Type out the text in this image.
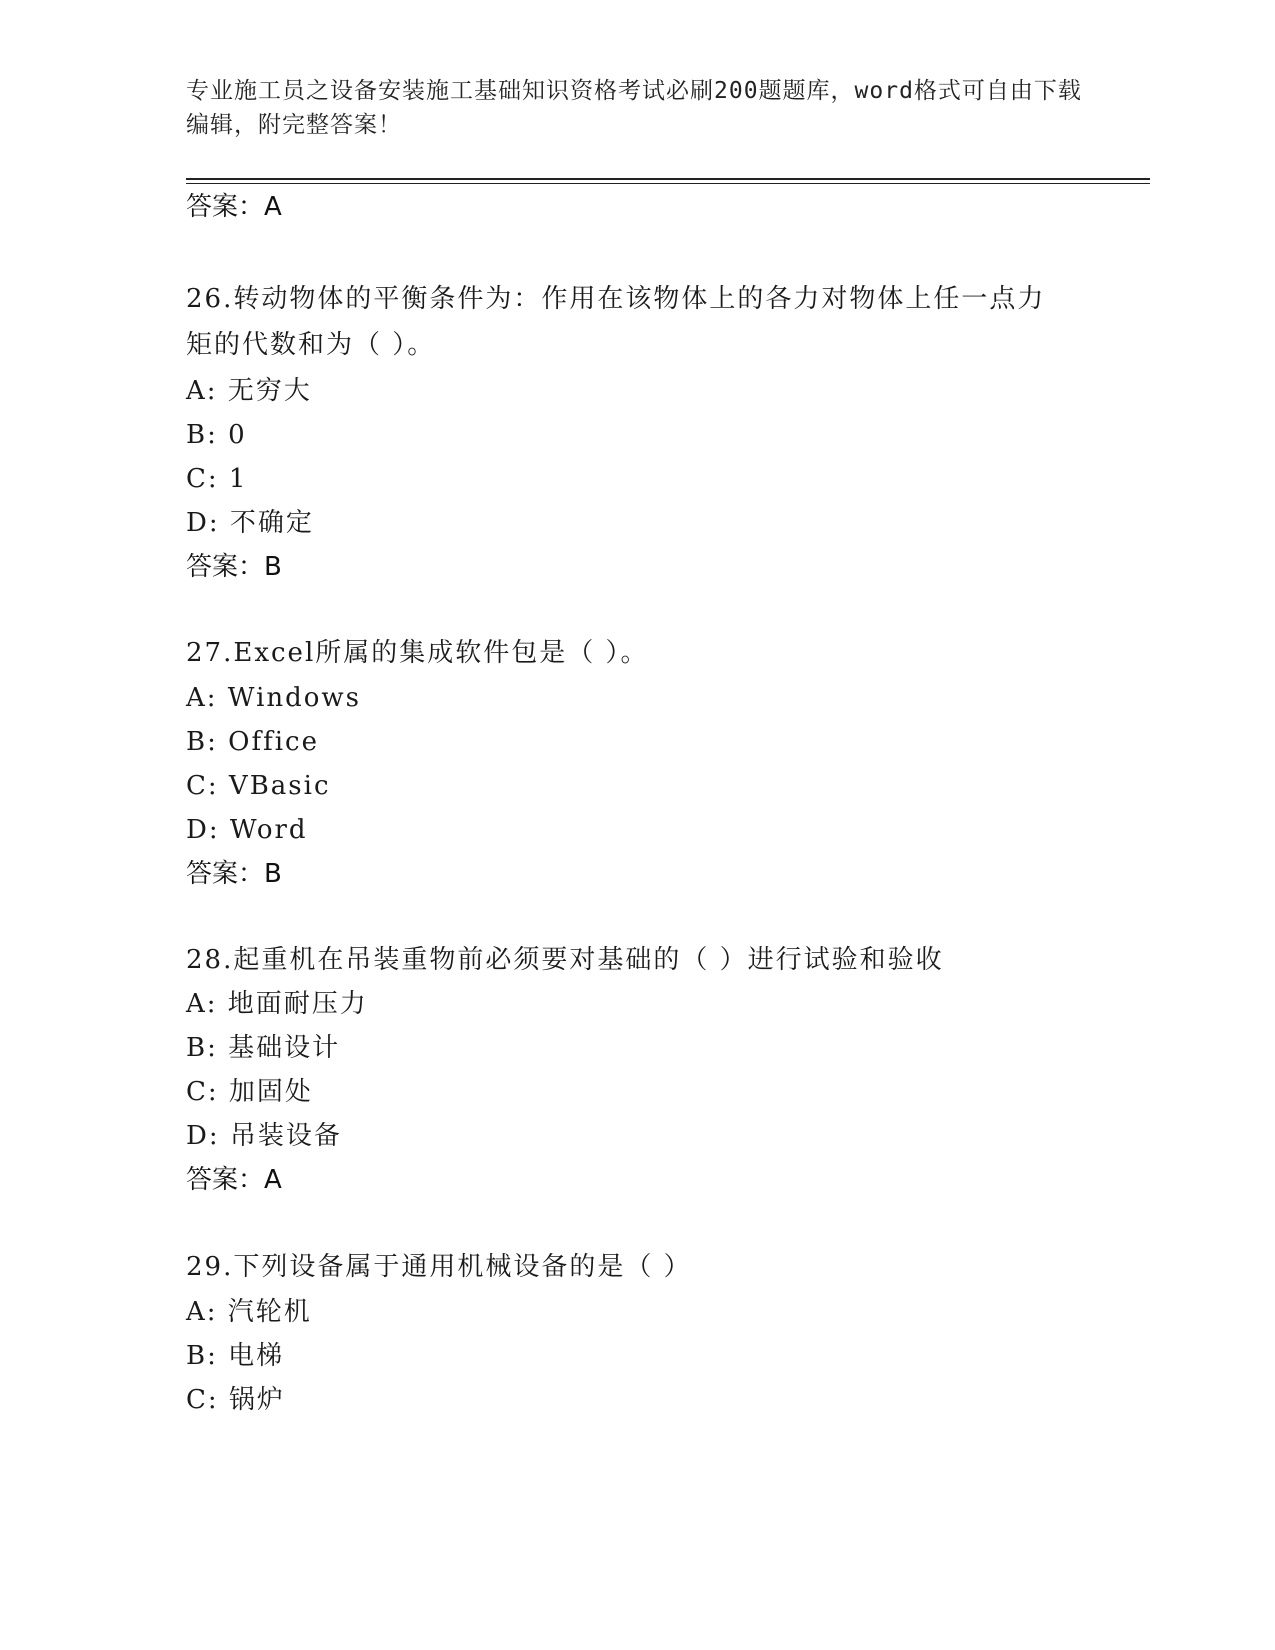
专业施工员之设备安装施工基础知识资格考试必刷200题题库，word格式可自由下载编辑，附完整答案！
答案：A
26.转动物体的平衡条件为：作用在该物体上的各力对物体上任一点力
矩的代数和为（ ）。
A: 无穷大
B: 0
C: 1
D: 不确定
答案：B
27.Excel所属的集成软件包是（ ）。
A: Windows
B: Office
C: VBasic
D: Word
答案：B
28.起重机在吊装重物前必须要对基础的（ ）进行试验和验收
A: 地面耐压力
B: 基础设计
C: 加固处
D: 吊装设备
答案：A
29.下列设备属于通用机械设备的是（ ）
A: 汽轮机
B: 电梯
C: 锅炉
